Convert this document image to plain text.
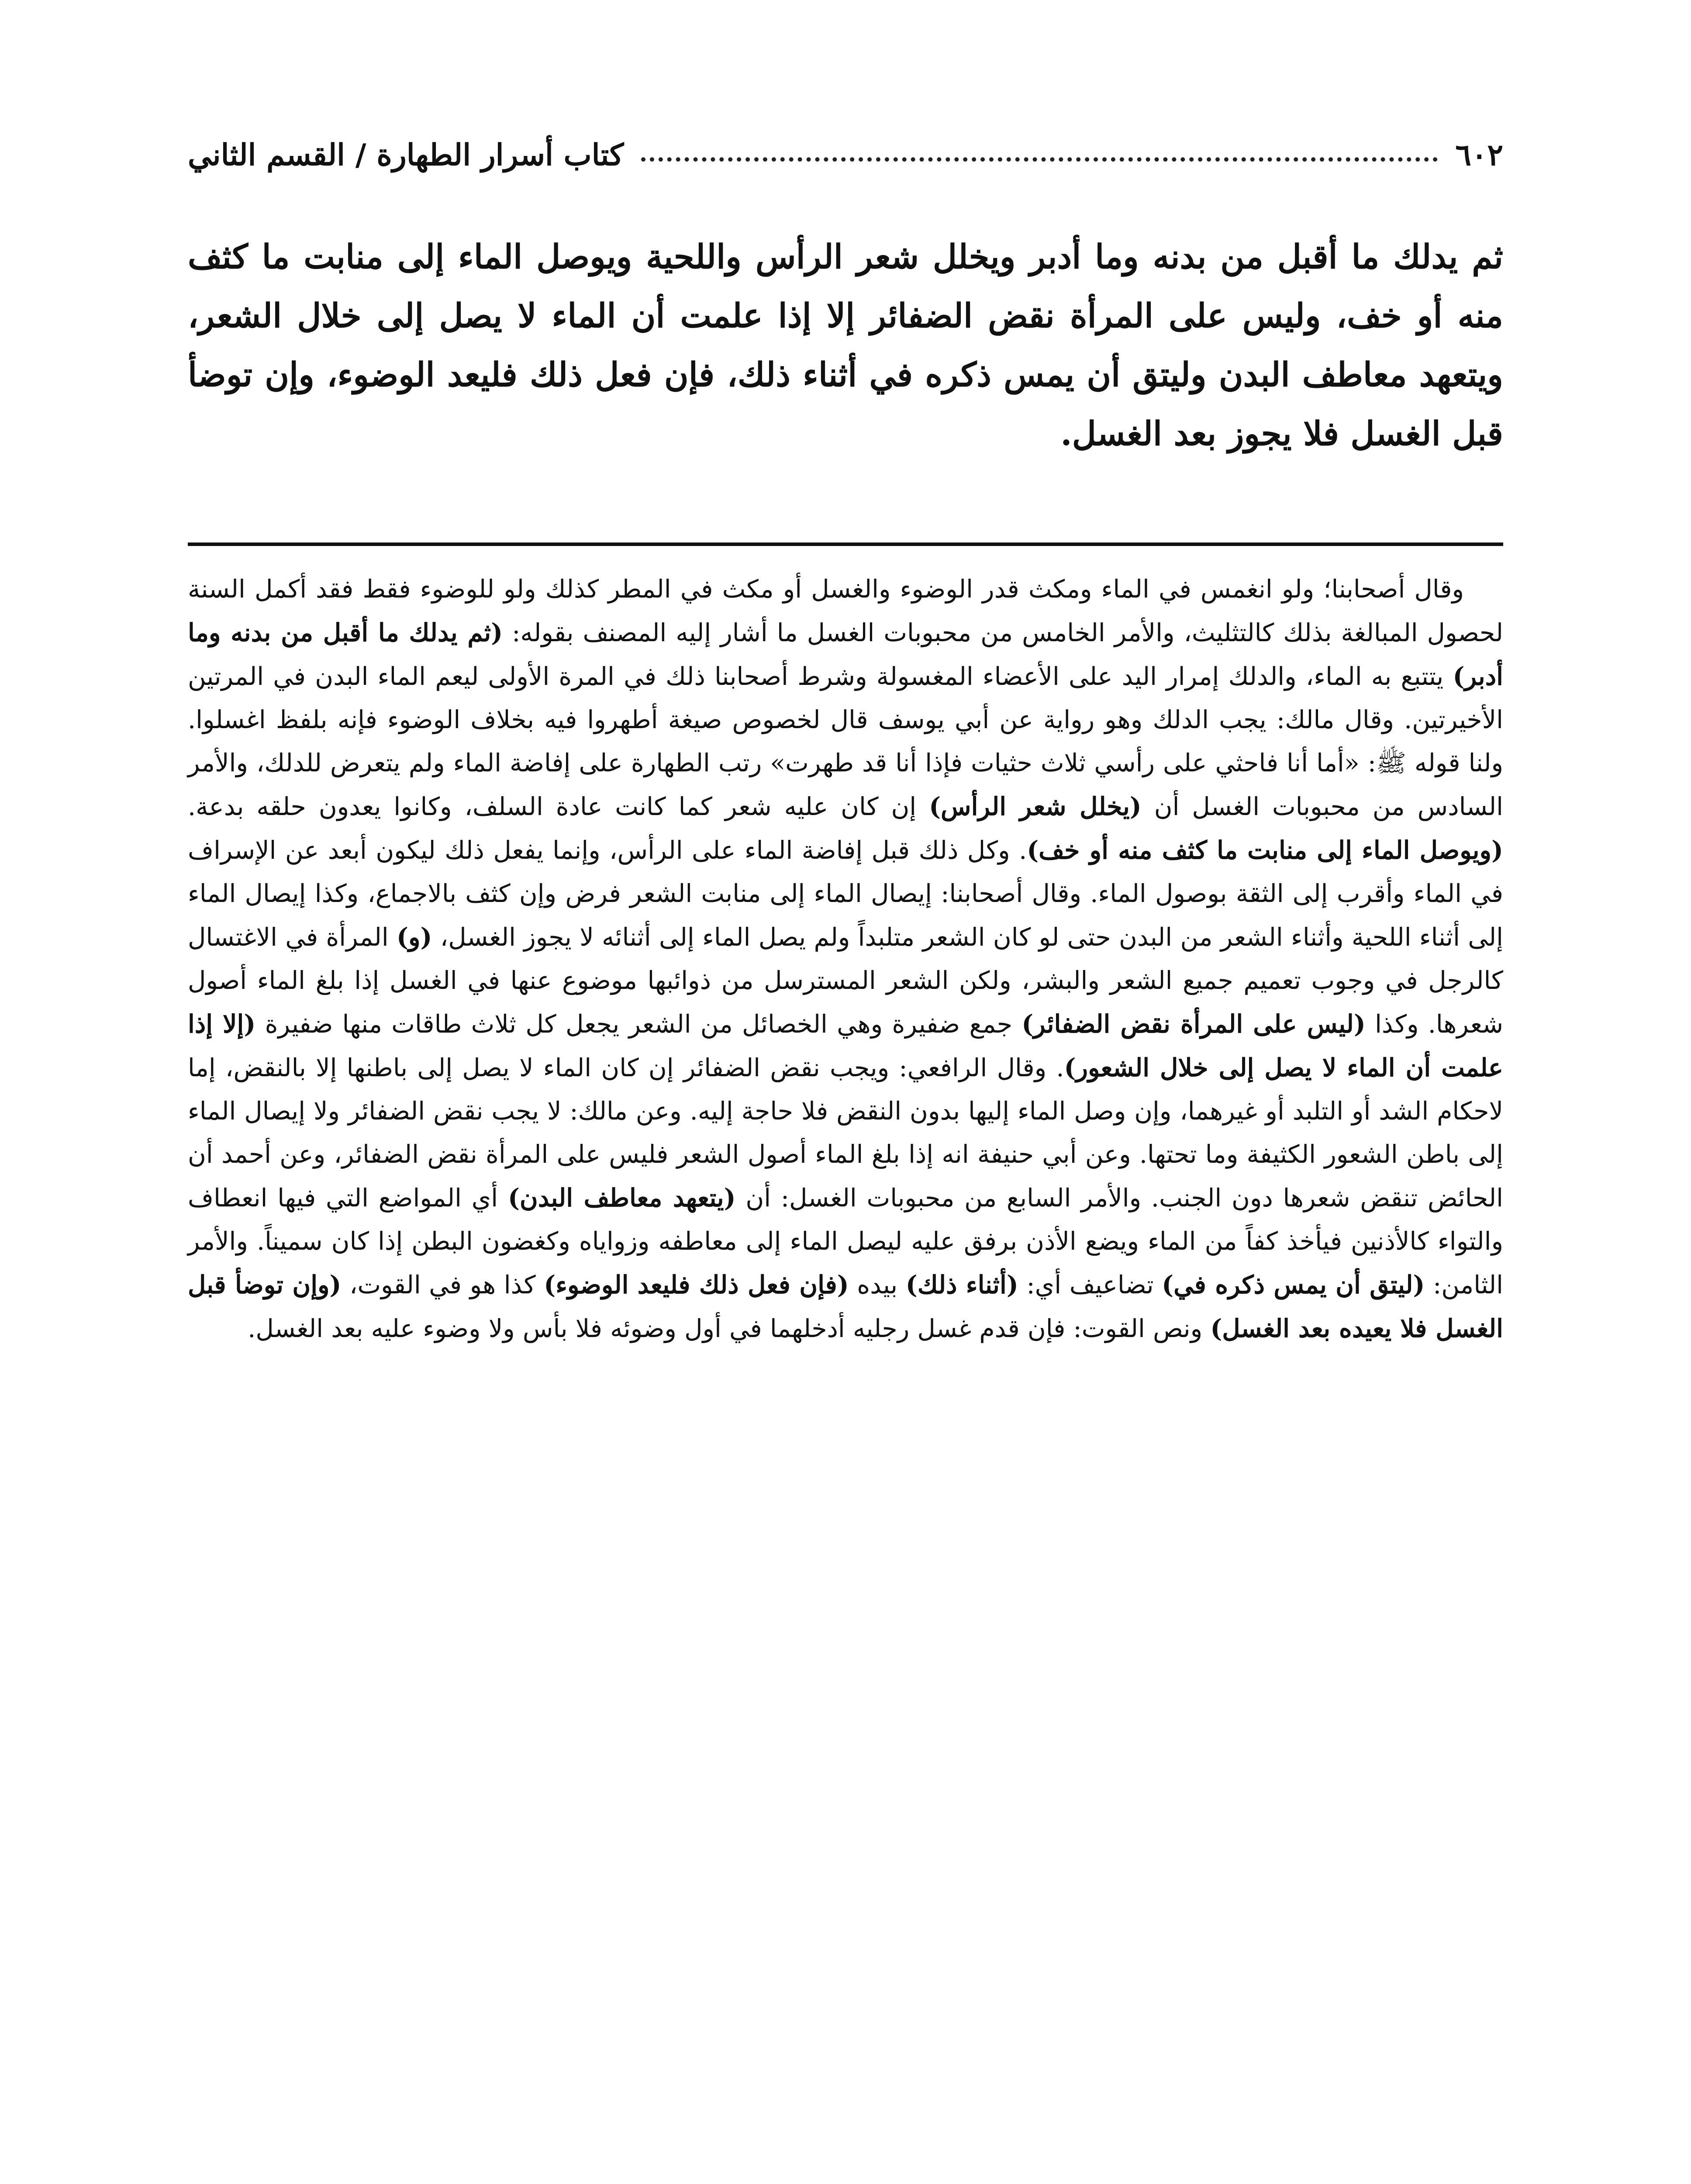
٦٠٢
كتاب أسرار الطهارة / القسم الثاني
ثم يدلك ما أقبل من بدنه وما أدبر ويخلل شعر الرأس واللحية ويوصل الماء إلى منابت ما كثف منه أو خف، وليس على المرأة نقض الضفائر إلا إذا علمت أن الماء لا يصل إلى خلال الشعر، ويتعهد معاطف البدن وليتق أن يمس ذكره في أثناء ذلك، فإن فعل ذلك فليعد الوضوء، وإن توضأ قبل الغسل فلا يجوز بعد الغسل.

وقال أصحابنا؛ ولو انغمس في الماء ومكث قدر الوضوء والغسل أو مكث في المطر كذلك ولو للوضوء فقط فقد أكمل السنة لحصول المبالغة بذلك كالتثليث، والأمر الخامس من محبوبات الغسل ما أشار إليه المصنف بقوله: (ثم يدلك ما أقبل من بدنه وما أدبر) يتتبع به الماء، والدلك إمرار اليد على الأعضاء المغسولة وشرط أصحابنا ذلك في المرة الأولى ليعم الماء البدن في المرتين الأخيرتين. وقال مالك: يجب الدلك وهو رواية عن أبي يوسف قال لخصوص صيغة أطهروا فيه بخلاف الوضوء فإنه بلفظ اغسلوا. ولنا قوله ﷺ: «أما أنا فاحثي على رأسي ثلاث حثيات فإذا أنا قد طهرت» رتب الطهارة على إفاضة الماء ولم يتعرض للدلك، والأمر السادس من محبوبات الغسل أن (يخلل شعر الرأس) إن كان عليه شعر كما كانت عادة السلف، وكانوا يعدون حلقه بدعة. (ويوصل الماء إلى منابت ما كثف منه أو خف). وكل ذلك قبل إفاضة الماء على الرأس، وإنما يفعل ذلك ليكون أبعد عن الإسراف في الماء وأقرب إلى الثقة بوصول الماء. وقال أصحابنا: إيصال الماء إلى منابت الشعر فرض وإن كثف بالاجماع، وكذا إيصال الماء إلى أثناء اللحية وأثناء الشعر من البدن حتى لو كان الشعر متلبداً ولم يصل الماء إلى أثنائه لا يجوز الغسل، (و) المرأة في الاغتسال كالرجل في وجوب تعميم جميع الشعر والبشر، ولكن الشعر المسترسل من ذوائبها موضوع عنها في الغسل إذا بلغ الماء أصول شعرها. وكذا (ليس على المرأة نقض الضفائر) جمع ضفيرة وهي الخصائل من الشعر يجعل كل ثلاث طاقات منها ضفيرة (إلا إذا علمت أن الماء لا يصل إلى خلال الشعور). وقال الرافعي: ويجب نقض الضفائر إن كان الماء لا يصل إلى باطنها إلا بالنقض، إما لاحكام الشد أو التلبد أو غيرهما، وإن وصل الماء إليها بدون النقض فلا حاجة إليه. وعن مالك: لا يجب نقض الضفائر ولا إيصال الماء إلى باطن الشعور الكثيفة وما تحتها. وعن أبي حنيفة انه إذا بلغ الماء أصول الشعر فليس على المرأة نقض الضفائر، وعن أحمد أن الحائض تنقض شعرها دون الجنب. والأمر السابع من محبوبات الغسل: أن (يتعهد معاطف البدن) أي المواضع التي فيها انعطاف والتواء كالأذنين فيأخذ كفاً من الماء ويضع الأذن برفق عليه ليصل الماء إلى معاطفه وزواياه وكغضون البطن إذا كان سميناً. والأمر الثامن: (ليتق أن يمس ذكره في) تضاعيف أي: (أثناء ذلك) بيده (فإن فعل ذلك فليعد الوضوء) كذا هو في القوت، (وإن توضأ قبل الغسل فلا يعيده بعد الغسل) ونص القوت: فإن قدم غسل رجليه أدخلهما في أول وضوئه فلا بأس ولا وضوء عليه بعد الغسل.
